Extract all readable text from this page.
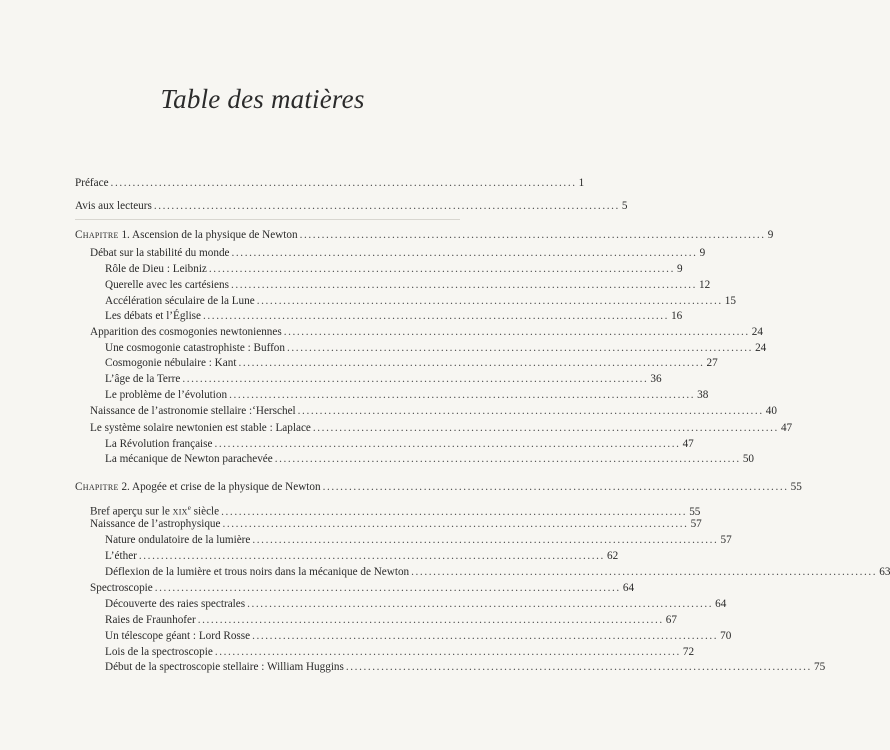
Table des matières
Préface .......................................................................................................... 1
Avis aux lecteurs .......................................................................................................... 5
Chapitre 1. Ascension de la physique de Newton .......................................................................................................... 9
Débat sur la stabilité du monde .......................................................................................................... 9
Rôle de Dieu : Leibniz .......................................................................................................... 9
Querelle avec les cartésiens .......................................................................................................... 12
Accélération séculaire de la Lune .......................................................................................................... 15
Les débats et l’Église .......................................................................................................... 16
Apparition des cosmogonies newtoniennes .......................................................................................................... 24
Une cosmogonie catastrophiste : Buffon .......................................................................................................... 24
Cosmogonie nébulaire : Kant .......................................................................................................... 27
L’âge de la Terre .......................................................................................................... 36
Le problème de l’évolution .......................................................................................................... 38
Naissance de l’astronomie stellaire :‘Herschel .......................................................................................................... 40
Le système solaire newtonien est stable : Laplace .......................................................................................................... 47
La Révolution française .......................................................................................................... 47
La mécanique de Newton parachevée .......................................................................................................... 50
Chapitre 2. Apogée et crise de la physique de Newton .......................................................................................................... 55
Bref aperçu sur le xix$^e$ siècle .......................................................................................................... 55
Naissance de l’astrophysique .......................................................................................................... 57
Nature ondulatoire de la lumière .......................................................................................................... 57
L’éther .......................................................................................................... 62
Déflexion de la lumière et trous noirs dans la mécanique de Newton .......................................................................................................... 63
Spectroscopie .......................................................................................................... 64
Découverte des raies spectrales .......................................................................................................... 64
Raies de Fraunhofer .......................................................................................................... 67
Un télescope géant : Lord Rosse .......................................................................................................... 70
Lois de la spectroscopie .......................................................................................................... 72
Début de la spectroscopie stellaire : William Huggins .......................................................................................................... 75
